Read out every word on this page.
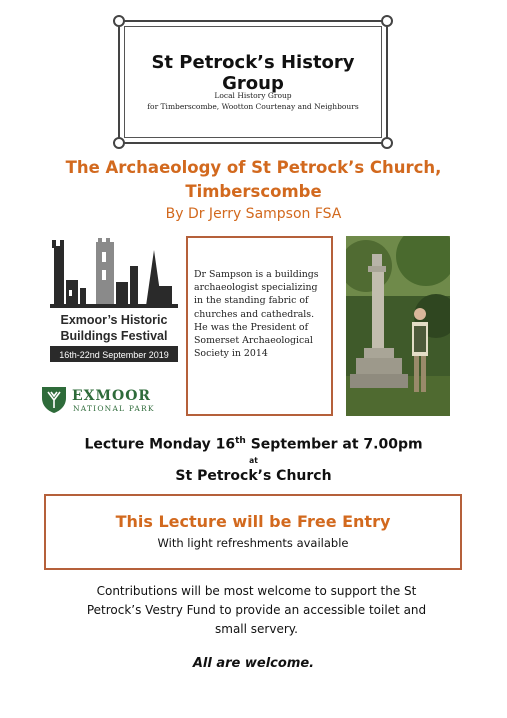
St Petrock’s History Group
Local History Group
for Timberscombe, Wootton Courtenay and Neighbours
The Archaeology of St Petrock’s Church,
Timberscombe
By Dr Jerry Sampson FSA
Exmoor’s Historic
Buildings Festival
16th-22nd September 2019
EXMOOR
NATIONAL PARK
Dr Sampson is a buildings
archaeologist specializing
in the standing fabric of
churches and cathedrals.
He was the President of
Somerset Archaeological
Society in 2014
Lecture Monday 16th September at 7.00pm
at
St Petrock’s Church
This Lecture will be Free Entry
With light refreshments available
Contributions will be most welcome to support the St
Petrock’s Vestry Fund to provide an accessible toilet and
small servery.
All are welcome.
